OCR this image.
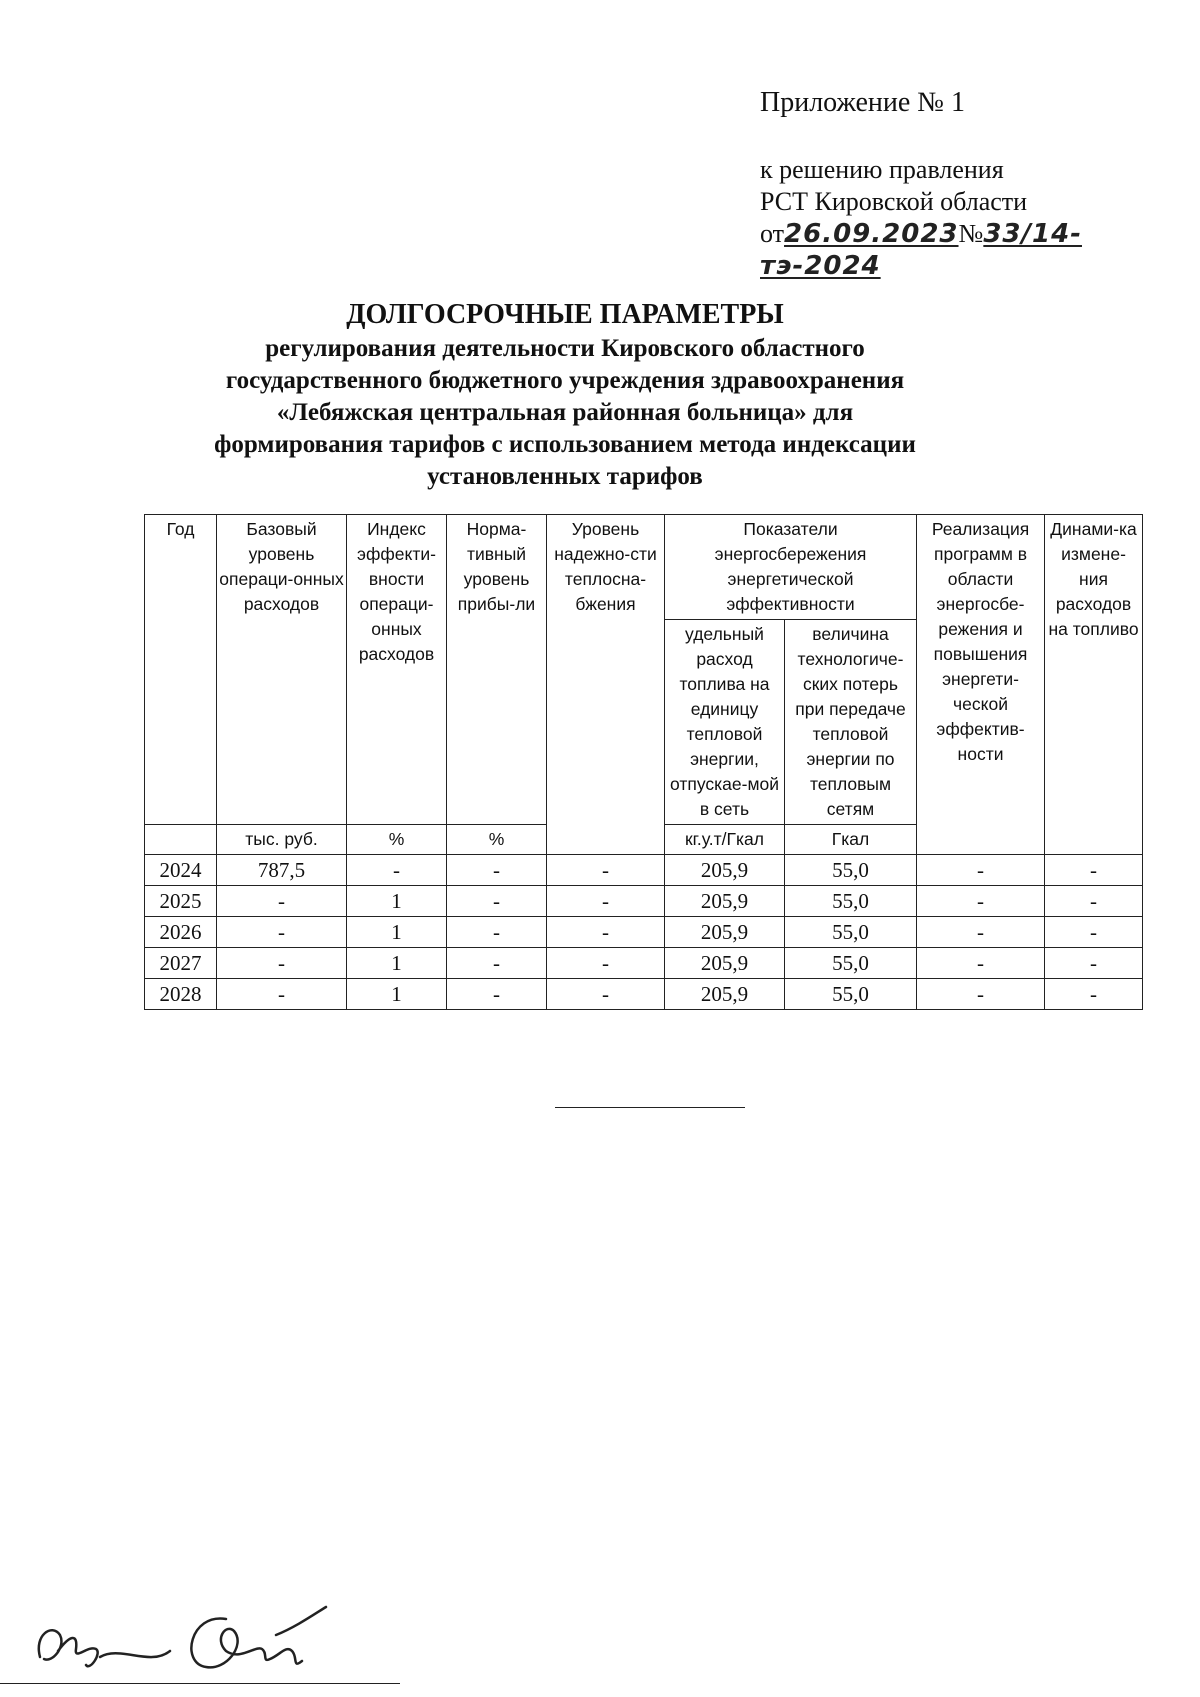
Приложение № 1
к решению правления
РСТ Кировской области
от26.09.2023№33/14-тэ-2024
ДОЛГОСРОЧНЫЕ ПАРАМЕТРЫ
регулирования деятельности Кировского областного государственного бюджетного учреждения здравоохранения «Лебяжская центральная районная больница» для формирования тарифов с использованием метода индексации установленных тарифов
Год	Базовый уровень операци-онных расходов	Индекс эффекти-вности операци-онных расходов	Норма-тивный уровень прибы-ли	Уровень надежно-сти теплосна-бжения	Показатели энергосбережения энергетической эффективности		Реализация программ в области энергосбе-режения и повышения энергети-ческой эффектив-ности	Динами-ка измене-ния расходов на топливо
					удельный расход топлива на единицу тепловой энергии, отпускае-мой в сеть	величина технологиче-ских потерь при передаче тепловой энергии по тепловым сетям		
	тыс. руб.	%	%		кг.у.т/Гкал	Гкал		
2024	787,5	-	-	-	205,9	55,0	-	-
2025	-	1	-	-	205,9	55,0	-	-
2026	-	1	-	-	205,9	55,0	-	-
2027	-	1	-	-	205,9	55,0	-	-
2028	-	1	-	-	205,9	55,0	-	-
